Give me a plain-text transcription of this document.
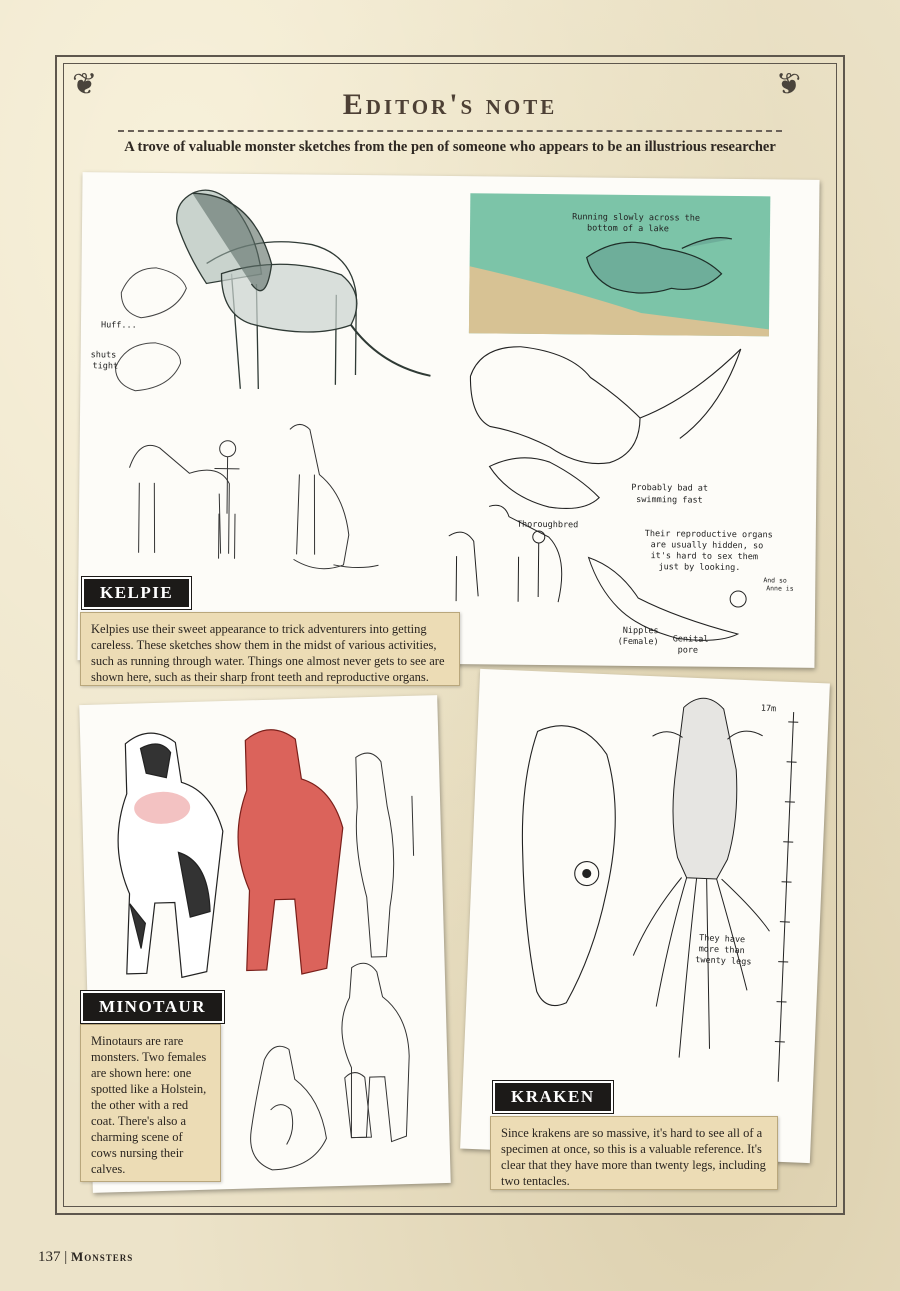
❦	❦
Editor's note
A trove of valuable monster sketches from the pen of someone who appears to be an illustrious researcher
Huff...
shuts
tight
Running slowly across the
bottom of a lake
Probably bad at
swimming fast
Thoroughbred
Their reproductive organs
are usually hidden, so
it's hard to sex them
just by looking.
Nipples
(Female) Genital
pore
And so
Anne is
KELPIE
Kelpies use their sweet appearance to trick adventurers into getting careless. These sketches show them in the midst of various activities, such as running through water. Things one almost never gets to see are shown here, such as their sharp front teeth and reproductive organs.
MINOTAUR
Minotaurs are rare monsters. Two females are shown here: one spotted like a Holstein, the other with a red coat. There's also a charming scene of cows nursing their calves.
17m
They have
more than
twenty legs
KRAKEN
Since krakens are so massive, it's hard to see all of a specimen at once, so this is a valuable reference. It's clear that they have more than twenty legs, including two tentacles.
137 | Monsters
